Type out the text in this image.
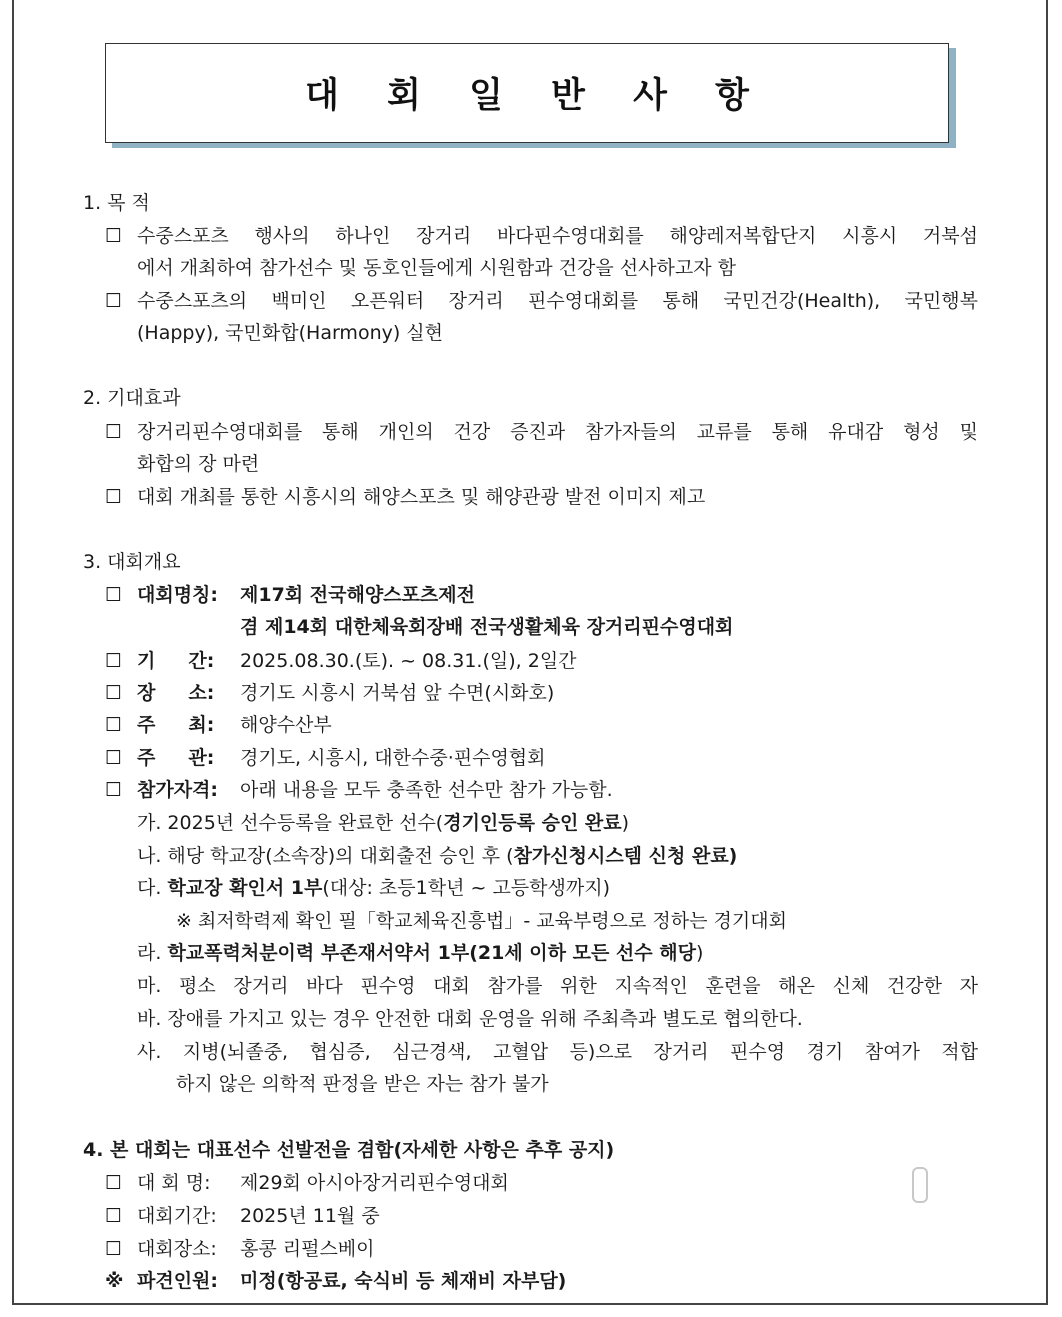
대 회 일 반 사 항
1. 목 적
☐ 수중스포츠 행사의 하나인 장거리 바다핀수영대회를 해양레저복합단지 시흥시 거북섬
에서 개최하여 참가선수 및 동호인들에게 시원함과 건강을 선사하고자 함
☐ 수중스포츠의 백미인 오픈워터 장거리 핀수영대회를 통해 국민건강(Health), 국민행복
(Happy), 국민화합(Harmony) 실현
2. 기대효과
☐ 장거리핀수영대회를 통해 개인의 건강 증진과 참가자들의 교류를 통해 유대감 형성 및
화합의 장 마련
☐ 대회 개최를 통한 시흥시의 해양스포츠 및 해양관광 발전 이미지 제고
3. 대회개요
☐ 대회명칭: 제17회 전국해양스포츠제전
겸 제14회 대한체육회장배 전국생활체육 장거리핀수영대회
☐ 기     간: 2025.08.30.(토). ~ 08.31.(일), 2일간
☐ 장     소: 경기도 시흥시 거북섬 앞 수면(시화호)
☐ 주     최: 해양수산부
☐ 주     관: 경기도, 시흥시, 대한수중·핀수영협회
☐ 참가자격: 아래 내용을 모두 충족한 선수만 참가 가능함.
가. 2025년 선수등록을 완료한 선수(경기인등록 승인 완료)
나. 해당 학교장(소속장)의 대회출전 승인 후 (참가신청시스템 신청 완료)
다. 학교장 확인서 1부(대상: 초등1학년 ~ 고등학생까지)
※ 최저학력제 확인 필「학교체육진흥법」- 교육부령으로 정하는 경기대회
라. 학교폭력처분이력 부존재서약서 1부(21세 이하 모든 선수 해당)
마. 평소 장거리 바다 핀수영 대회 참가를 위한 지속적인 훈련을 해온 신체 건강한 자
바. 장애를 가지고 있는 경우 안전한 대회 운영을 위해 주최측과 별도로 협의한다.
사. 지병(뇌졸중, 협심증, 심근경색, 고혈압 등)으로 장거리 핀수영 경기 참여가 적합
하지 않은 의학적 판정을 받은 자는 참가 불가
4. 본 대회는 대표선수 선발전을 겸함(자세한 사항은 추후 공지)
☐ 대 회 명: 제29회 아시아장거리핀수영대회
☐ 대회기간: 2025년 11월 중
☐ 대회장소: 홍콩 리펄스베이
※ 파견인원: 미정(항공료, 숙식비 등 체재비 자부담)
